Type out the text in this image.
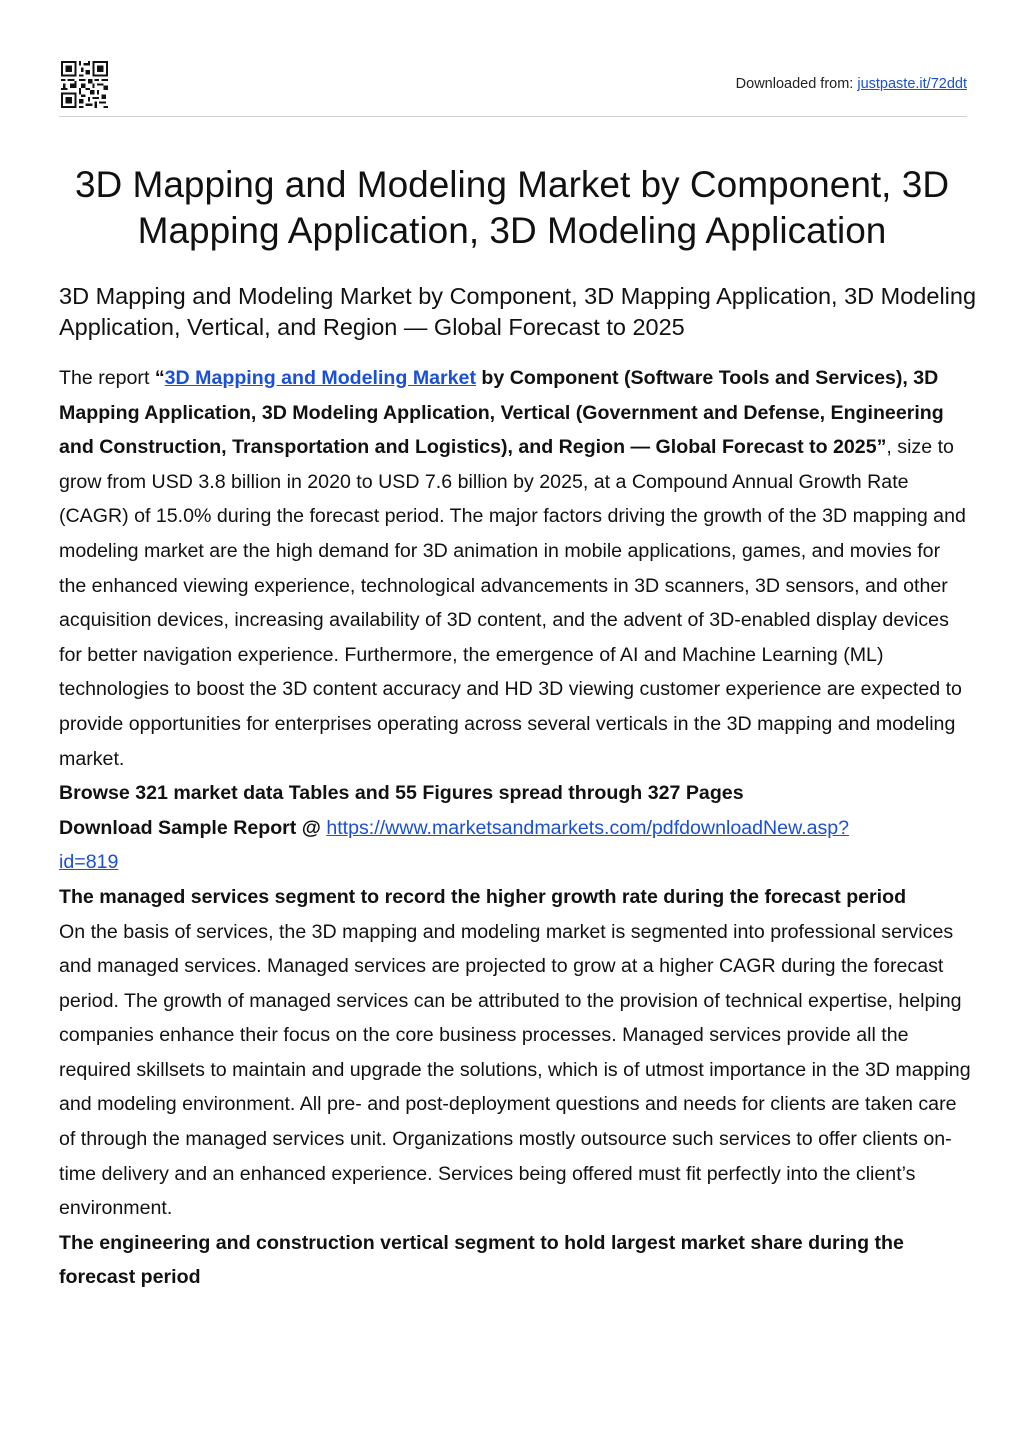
Downloaded from: justpaste.it/72ddt
3D Mapping and Modeling Market by Component, 3D Mapping Application, 3D Modeling Application
3D Mapping and Modeling Market by Component, 3D Mapping Application, 3D Modeling Application, Vertical, and Region — Global Forecast to 2025

The report “3D Mapping and Modeling Market by Component (Software Tools and Services), 3D Mapping Application, 3D Modeling Application, Vertical (Government and Defense, Engineering and Construction, Transportation and Logistics), and Region — Global Forecast to 2025”, size to grow from USD 3.8 billion in 2020 to USD 7.6 billion by 2025, at a Compound Annual Growth Rate (CAGR) of 15.0% during the forecast period. The major factors driving the growth of the 3D mapping and modeling market are the high demand for 3D animation in mobile applications, games, and movies for the enhanced viewing experience, technological advancements in 3D scanners, 3D sensors, and other acquisition devices, increasing availability of 3D content, and the advent of 3D-enabled display devices for better navigation experience. Furthermore, the emergence of AI and Machine Learning (ML) technologies to boost the 3D content accuracy and HD 3D viewing customer experience are expected to provide opportunities for enterprises operating across several verticals in the 3D mapping and modeling market.

Browse 321 market data Tables and 55 Figures spread through 327 Pages

Download Sample Report @ https://www.marketsandmarkets.com/pdfdownloadNew.asp?
id=819

The managed services segment to record the higher growth rate during the forecast period

On the basis of services, the 3D mapping and modeling market is segmented into professional services and managed services. Managed services are projected to grow at a higher CAGR during the forecast period. The growth of managed services can be attributed to the provision of technical expertise, helping companies enhance their focus on the core business processes. Managed services provide all the required skillsets to maintain and upgrade the solutions, which is of utmost importance in the 3D mapping and modeling environment. All pre- and post-deployment questions and needs for clients are taken care of through the managed services unit. Organizations mostly outsource such services to offer clients on-time delivery and an enhanced experience. Services being offered must fit perfectly into the client’s environment.

The engineering and construction vertical segment to hold largest market share during the forecast period
